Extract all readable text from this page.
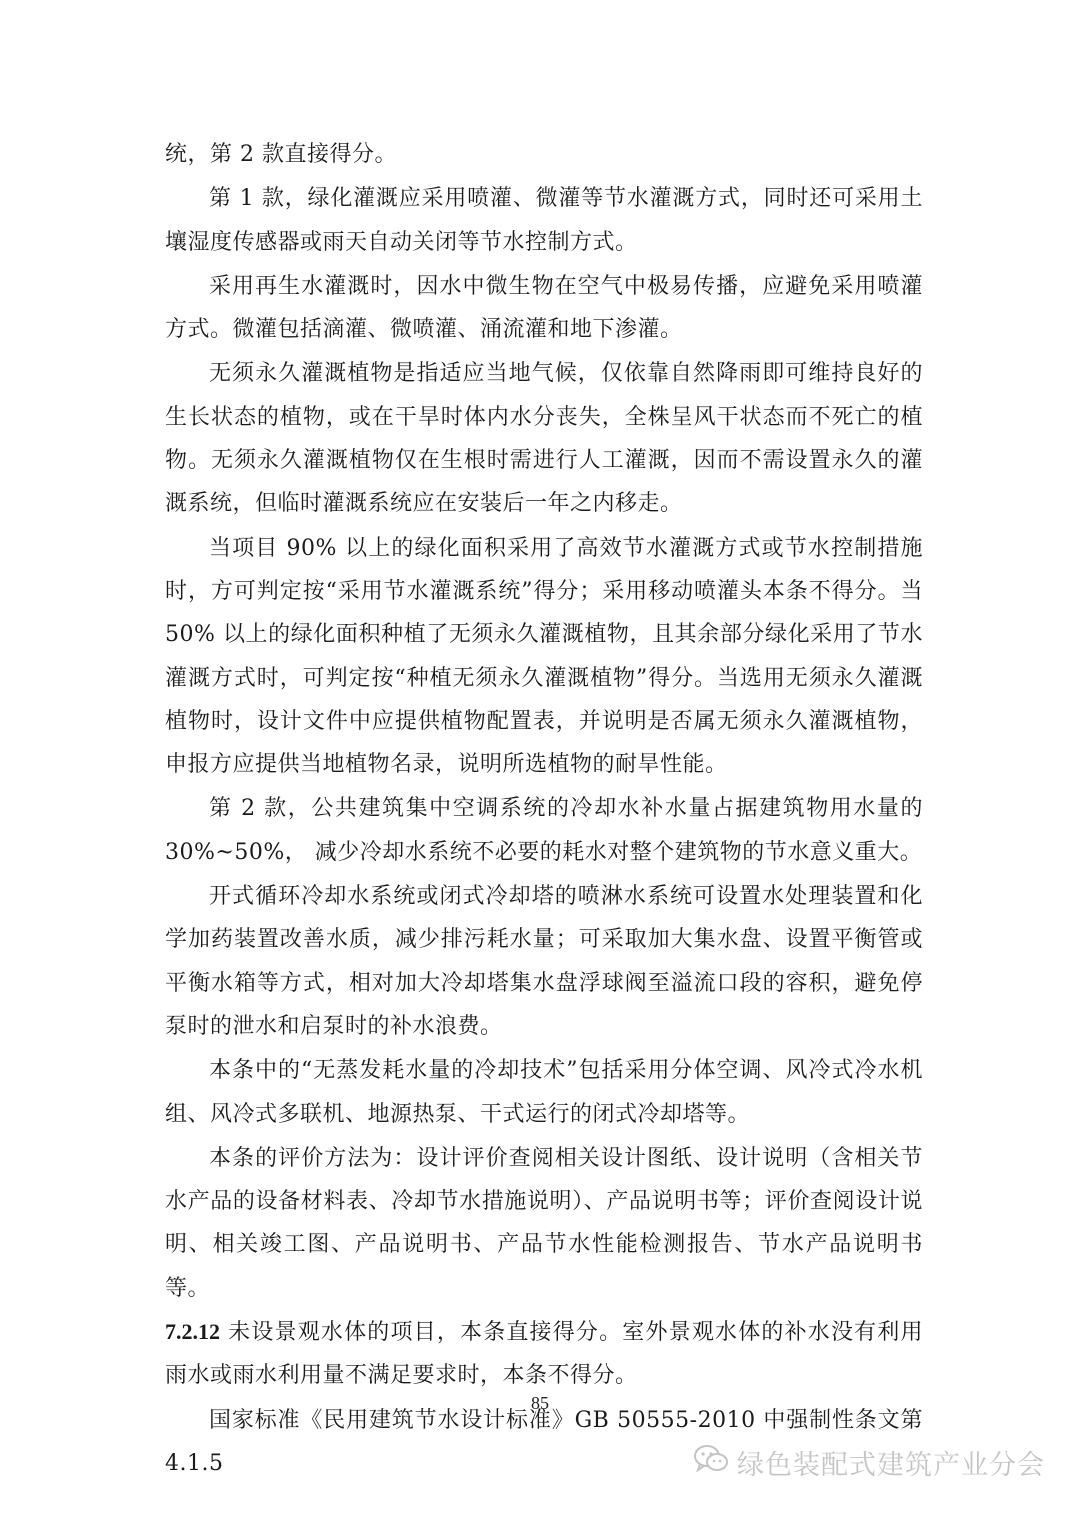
统，第 2 款直接得分。

第 1 款，绿化灌溉应采用喷灌、微灌等节水灌溉方式，同时还可采用土壤湿度传感器或雨天自动关闭等节水控制方式。

采用再生水灌溉时，因水中微生物在空气中极易传播，应避免采用喷灌方式。微灌包括滴灌、微喷灌、涌流灌和地下渗灌。

无须永久灌溉植物是指适应当地气候，仅依靠自然降雨即可维持良好的生长状态的植物，或在干旱时体内水分丧失，全株呈风干状态而不死亡的植物。无须永久灌溉植物仅在生根时需进行人工灌溉，因而不需设置永久的灌溉系统，但临时灌溉系统应在安装后一年之内移走。

当项目 90% 以上的绿化面积采用了高效节水灌溉方式或节水控制措施时，方可判定按“采用节水灌溉系统”得分；采用移动喷灌头本条不得分。当 50% 以上的绿化面积种植了无须永久灌溉植物，且其余部分绿化采用了节水灌溉方式时，可判定按“种植无须永久灌溉植物”得分。当选用无须永久灌溉植物时，设计文件中应提供植物配置表，并说明是否属无须永久灌溉植物，申报方应提供当地植物名录，说明所选植物的耐旱性能。

第 2 款，公共建筑集中空调系统的冷却水补水量占据建筑物用水量的 30%~50%， 减少冷却水系统不必要的耗水对整个建筑物的节水意义重大。

开式循环冷却水系统或闭式冷却塔的喷淋水系统可设置水处理装置和化学加药装置改善水质，减少排污耗水量；可采取加大集水盘、设置平衡管或平衡水箱等方式，相对加大冷却塔集水盘浮球阀至溢流口段的容积，避免停泵时的泄水和启泵时的补水浪费。

本条中的“无蒸发耗水量的冷却技术”包括采用分体空调、风冷式冷水机组、风冷式多联机、地源热泵、干式运行的闭式冷却塔等。

本条的评价方法为：设计评价查阅相关设计图纸、设计说明（含相关节水产品的设备材料表、冷却节水措施说明）、产品说明书等；评价查阅设计说明、相关竣工图、产品说明书、产品节水性能检测报告、节水产品说明书等。

7.2.12 未设景观水体的项目，本条直接得分。室外景观水体的补水没有利用雨水或雨水利用量不满足要求时，本条不得分。

国家标准《民用建筑节水设计标准》GB 50555-2010 中强制性条文第 4.1.5

85
绿色装配式建筑产业分会
